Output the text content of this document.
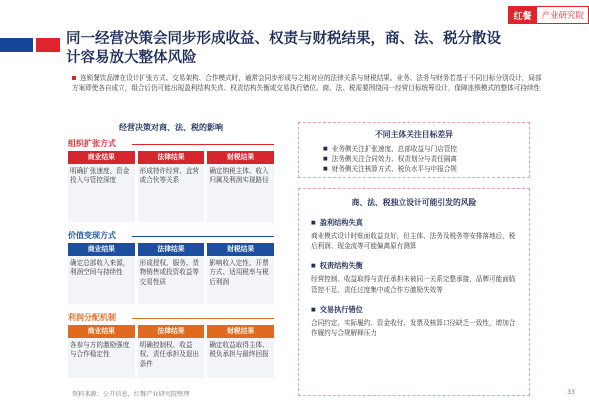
同一经营决策会同步形成收益、权责与财税结果，商、法、税分散设计容易放大整体风险
红餐	产业研究院
连锁餐饮品牌在设计扩张方式、交易架构、合作模式时，通常会同步形成与之相对应的法律关系与财税结果。业务、法务与财务若基于不同目标分别设计，局部方案即使各自成立，组合后仍可能出现盈利结构失真、权责结构失衡或交易执行错位。商、法、税需要围绕同一经营目标统筹设计，保障连锁模式的整体可持续性
经营决策对商、法、税的影响
组织扩张方式
商业结果
明确扩张速度、资金投入与管控深度
法律结果
形成特许经营、直营或合伙等关系
财税结果
确定纳税主体、收入归属及利润实现路径
价值变现方式
商业结果
确定总部收入来源，利润空间与持续性
法律结果
形成授权、服务、货物销售或投资收益等交易性质
财税结果
影响收入定性、开票方式、适用税率与税后利润
利润分配机制
商业结果
各参与方的激励强度与合作稳定性
法律结果
明确控制权、收益权、责任承担及退出条件
财税结果
确定收益取得主体、税负承担与最终回报
不同主体关注目标差异
■ 业务侧关注扩张速度、总部收益与门店管控
■ 法务侧关注合同效力、权责划分与责任隔离
■ 财务侧关注核算方式、税负水平与申报合规
商、法、税独立设计可能引发的风险
■ 盈利结构失真
商业模式设计时账面收益良好，但主体、法务及税务等安排落地后，税后利润、现金流等可能偏离原有测算
■ 权责结构失衡
经营控制、收益取得与责任承担未被同一关系完整承接，品牌可能面临管控不足、责任过度集中或合作方激励失效等
■ 交易执行错位
合同约定、实际履约、资金收付、发票及核算口径缺乏一致性，增加合作履约与合规解释压力
资料来源：公开信息，红餐产业研究院整理	33
